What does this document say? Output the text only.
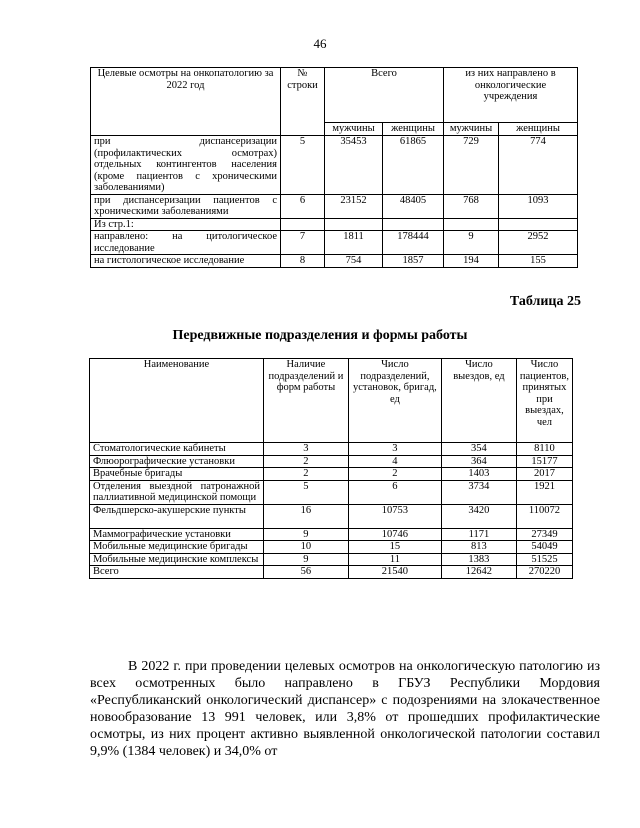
46
Целевые осмотры на онкопатологию за 2022 год	№ строки	Всего		из них направлено в онкологические учреждения	
		мужчины	женщины	мужчины	женщины
при диспансеризации (профилактических осмотрах) отдельных контингентов населения (кроме пациентов с хроническими заболеваниями)	5	35453	61865	729	774
при диспансеризации пациентов с хроническими заболеваниями	6	23152	48405	768	1093
Из стр.1:					
направлено: на цитологическое исследование	7	1811	178444	9	2952
на гистологическое исследование	8	754	1857	194	155
Таблица 25
Передвижные подразделения и формы работы
Наименование	Наличие подразделений и форм работы	Число подразделений, установок, бригад, ед	Число выездов, ед	Число пациентов, принятых при выездах, чел
Стоматологические кабинеты	3	3	354	8110
Флюорографические установки	2	4	364	15177
Врачебные бригады	2	2	1403	2017
Отделения выездной патронажной паллиативной медицинской помощи	5	6	3734	1921
Фельдшерско-акушерские пункты	16	10753	3420	110072
Маммографические установки	9	10746	1171	27349
Мобильные медицинские бригады	10	15	813	54049
Мобильные медицинские комплексы	9	11	1383	51525
Всего	56	21540	12642	270220

В 2022 г. при проведении целевых осмотров на онкологическую патологию из всех осмотренных было направлено в ГБУЗ Республики Мордовия «Республиканский онкологический диспансер» с подозрениями на злокачественное новообразование 13 991 человек, или 3,8% от прошедших профилактические осмотры, из них процент активно выявленной онкологической патологии составил 9,9% (1384 человек) и 34,0% от
